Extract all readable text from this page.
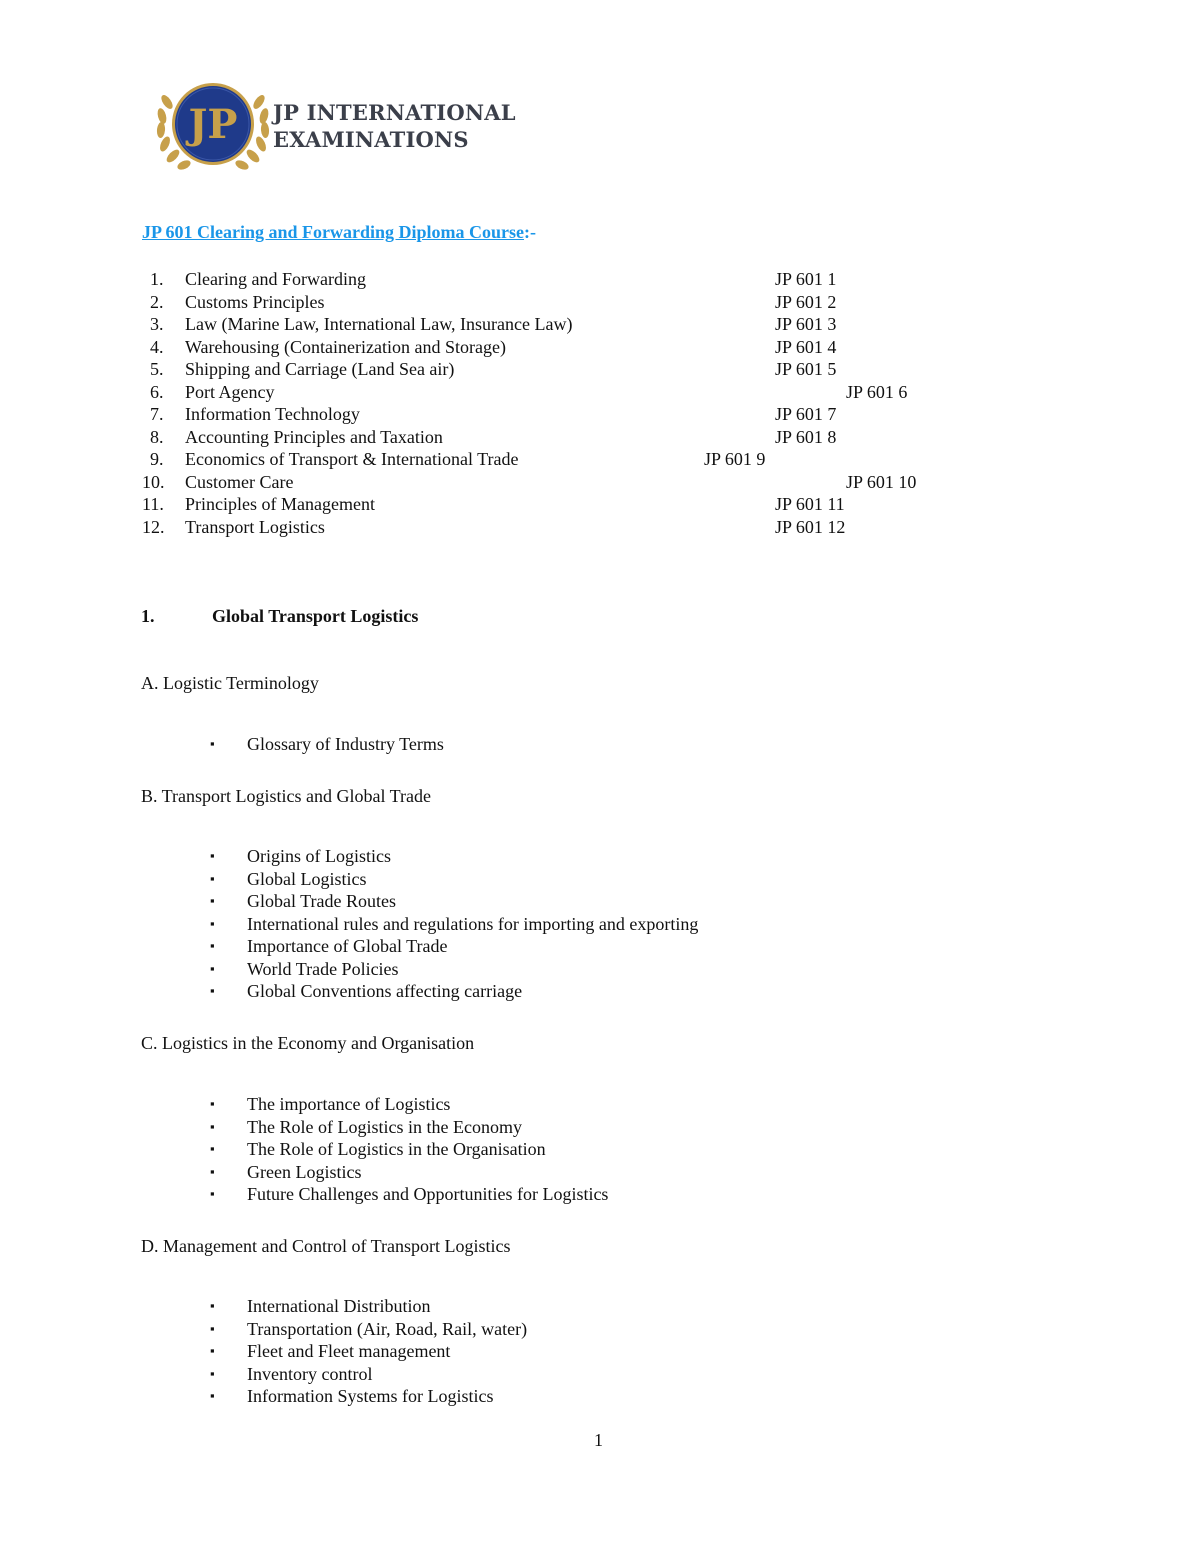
JP JP INTERNATIONAL
EXAMINATIONS
JP 601 Clearing and Forwarding Diploma Course:-
1. Clearing and Forwarding	JP 601 1
2. Customs Principles	JP 601 2
3. Law (Marine Law, International Law, Insurance Law)	JP 601 3
4. Warehousing (Containerization and Storage)	JP 601 4
5. Shipping and Carriage (Land Sea air)	JP 601 5
6. Port Agency	JP 601 6
7. Information Technology	JP 601 7
8. Accounting Principles and Taxation	JP 601 8
9. Economics of Transport & International Trade	JP 601 9
10. Customer Care	JP 601 10
11. Principles of Management	JP 601 11
12. Transport Logistics	JP 601 12
1.	Global Transport Logistics
A. Logistic Terminology
▪ Glossary of Industry Terms
B. Transport Logistics and Global Trade
▪ Origins of Logistics
▪ Global Logistics
▪ Global Trade Routes
▪ International rules and regulations for importing and exporting
▪ Importance of Global Trade
▪ World Trade Policies
▪ Global Conventions affecting carriage
C. Logistics in the Economy and Organisation
▪ The importance of Logistics
▪ The Role of Logistics in the Economy
▪ The Role of Logistics in the Organisation
▪ Green Logistics
▪ Future Challenges and Opportunities for Logistics
D. Management and Control of Transport Logistics
▪ International Distribution
▪ Transportation (Air, Road, Rail, water)
▪ Fleet and Fleet management
▪ Inventory control
▪ Information Systems for Logistics
1
